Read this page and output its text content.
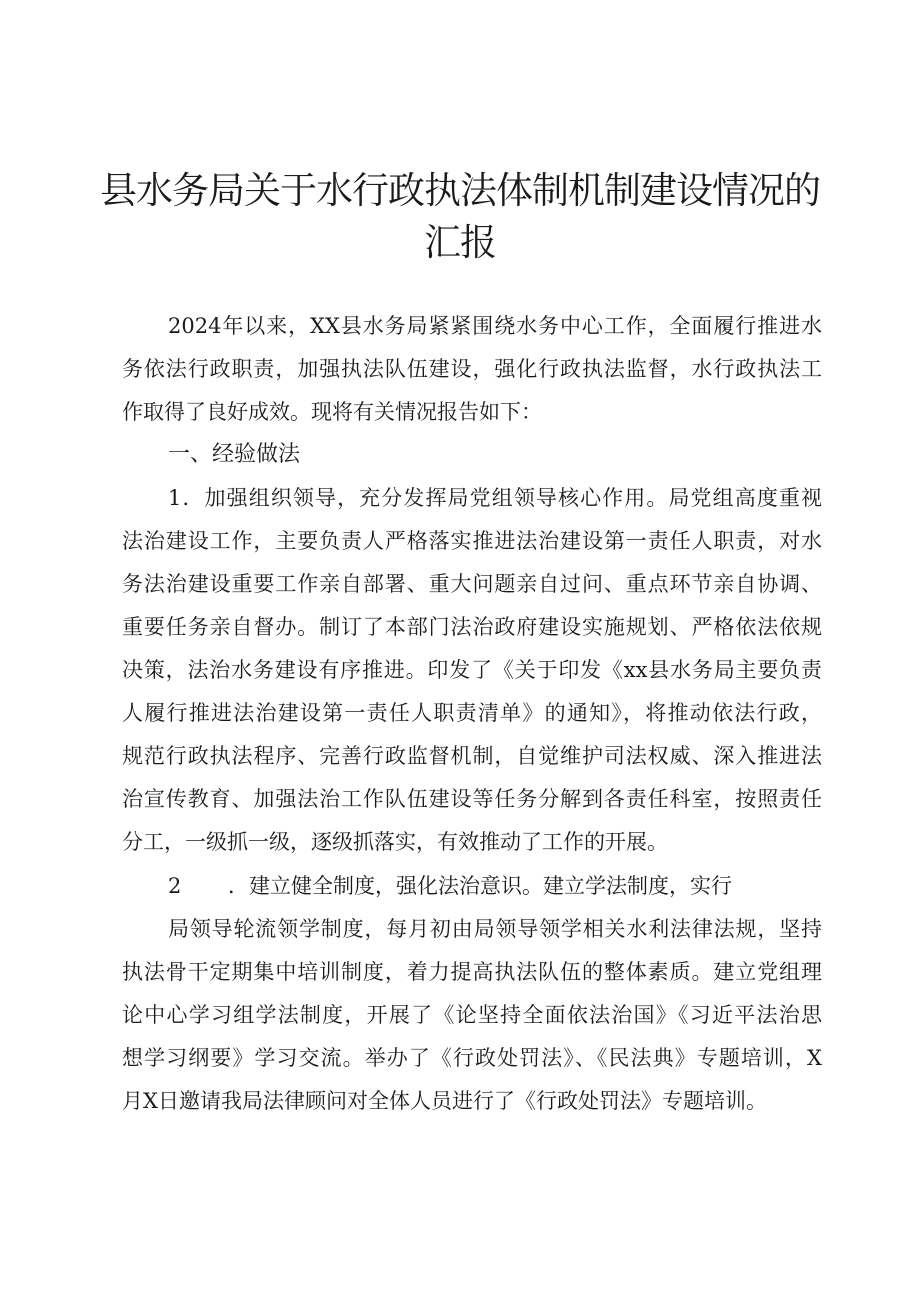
县水务局关于水行政执法体制机制建设情况的
汇报

2024年以来，XX县水务局紧紧围绕水务中心工作，全面履行推进水

务依法行政职责，加强执法队伍建设，强化行政执法监督，水行政执法工

作取得了良好成效。现将有关情况报告如下：

一、经验做法

1．加强组织领导，充分发挥局党组领导核心作用。局党组高度重视

法治建设工作，主要负责人严格落实推进法治建设第一责任人职责，对水

务法治建设重要工作亲自部署、重大问题亲自过问、重点环节亲自协调、

重要任务亲自督办。制订了本部门法治政府建设实施规划、严格依法依规

决策，法治水务建设有序推进。印发了《关于印发《xx县水务局主要负责

人履行推进法治建设第一责任人职责清单》的通知》，将推动依法行政，

规范行政执法程序、完善行政监督机制，自觉维护司法权威、深入推进法

治宣传教育、加强法治工作队伍建设等任务分解到各责任科室，按照责任

分工，一级抓一级，逐级抓落实，有效推动了工作的开展。

2 ．建立健全制度，强化法治意识。建立学法制度，实行

局领导轮流领学制度，每月初由局领导领学相关水利法律法规，坚持

执法骨干定期集中培训制度，着力提高执法队伍的整体素质。建立党组理

论中心学习组学法制度，开展了《论坚持全面依法治国》《习近平法治思

想学习纲要》学习交流。举办了《行政处罚法》、《民法典》专题培训，X

月X日邀请我局法律顾问对全体人员进行了《行政处罚法》专题培训。
